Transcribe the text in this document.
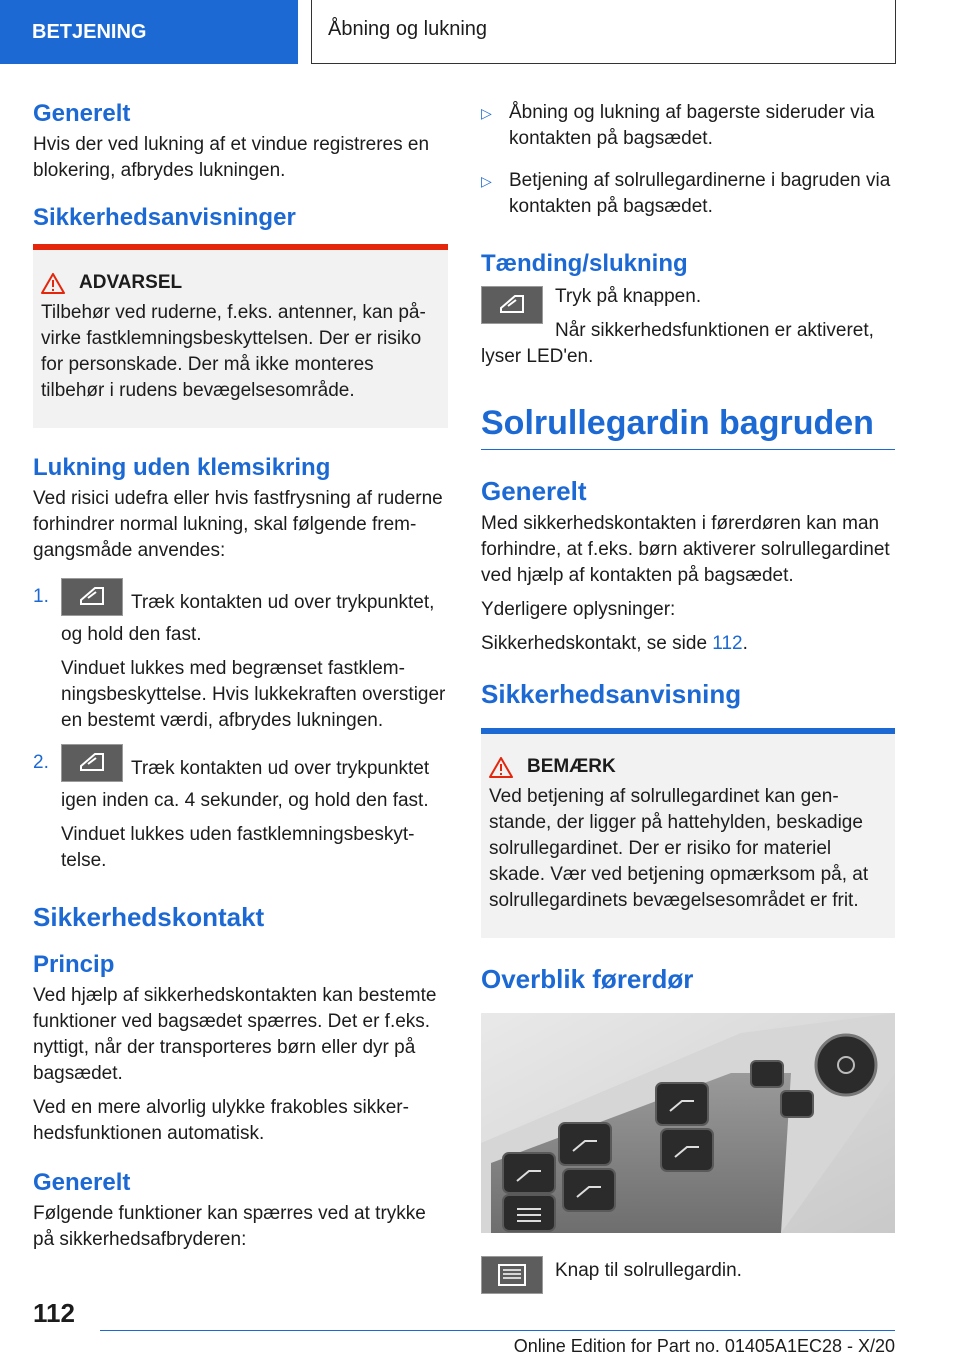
BETJENING	Åbning og lukning
Generelt

Hvis der ved lukning af et vindue registreres en blokering, afbrydes lukningen.

Sikkerhedsanvisninger
ADVARSEL

Tilbehør ved ruderne, f.eks. antenner, kan påvirke fastklemningsbeskyttelsen. Der er risiko for personskade. Der må ikke monteres tilbehør i rudens bevægelsesområde.

Lukning uden klemsikring

Ved risici udefra eller hvis fastfrysning af ruderne forhindrer normal lukning, skal følgende fremgangsmåde anvendes:

1.	Træk kontakten ud over trykpunktet, og hold den fast.

Vinduet lukkes med begrænset fastklemningsbeskyttelse. Hvis lukkekraften overstiger en bestemt værdi, afbrydes lukningen.

2.	Træk kontakten ud over trykpunktet igen inden ca. 4 sekunder, og hold den fast.

Vinduet lukkes uden fastklemningsbeskyttelse.

Sikkerhedskontakt
Princip

Ved hjælp af sikkerhedskontakten kan bestemte funktioner ved bagsædet spærres. Det er f.eks. nyttigt, når der transporteres børn eller dyr på bagsædet.

Ved en mere alvorlig ulykke frakobles sikkerhedsfunktionen automatisk.

Generelt

Følgende funktioner kan spærres ved at trykke på sikkerhedsafbryderen:

▷ Åbning og lukning af bagerste sideruder via kontakten på bagsædet.

▷ Betjening af solrullegardinerne i bagruden via kontakten på bagsædet.

Tænding/slukning

Tryk på knappen.

Når sikkerhedsfunktionen er aktiveret, lyser LED'en.

Solrullegardin bagruden
Generelt

Med sikkerhedskontakten i førerdøren kan man forhindre, at f.eks. børn aktiverer solrullegardinet ved hjælp af kontakten på bagsædet.

Yderligere oplysninger:

Sikkerhedskontakt, se side 112.

Sikkerhedsanvisning
BEMÆRK

Ved betjening af solrullegardinet kan genstande, der ligger på hattehylden, beskadige solrullegardinet. Der er risiko for materiel skade. Vær ved betjening opmærksom på, at solrullegardinets bevægelsesområdet er frit.

Overblik førerdør

Knap til solrullegardin.

112
Online Edition for Part no. 01405A1EC28 - X/20
